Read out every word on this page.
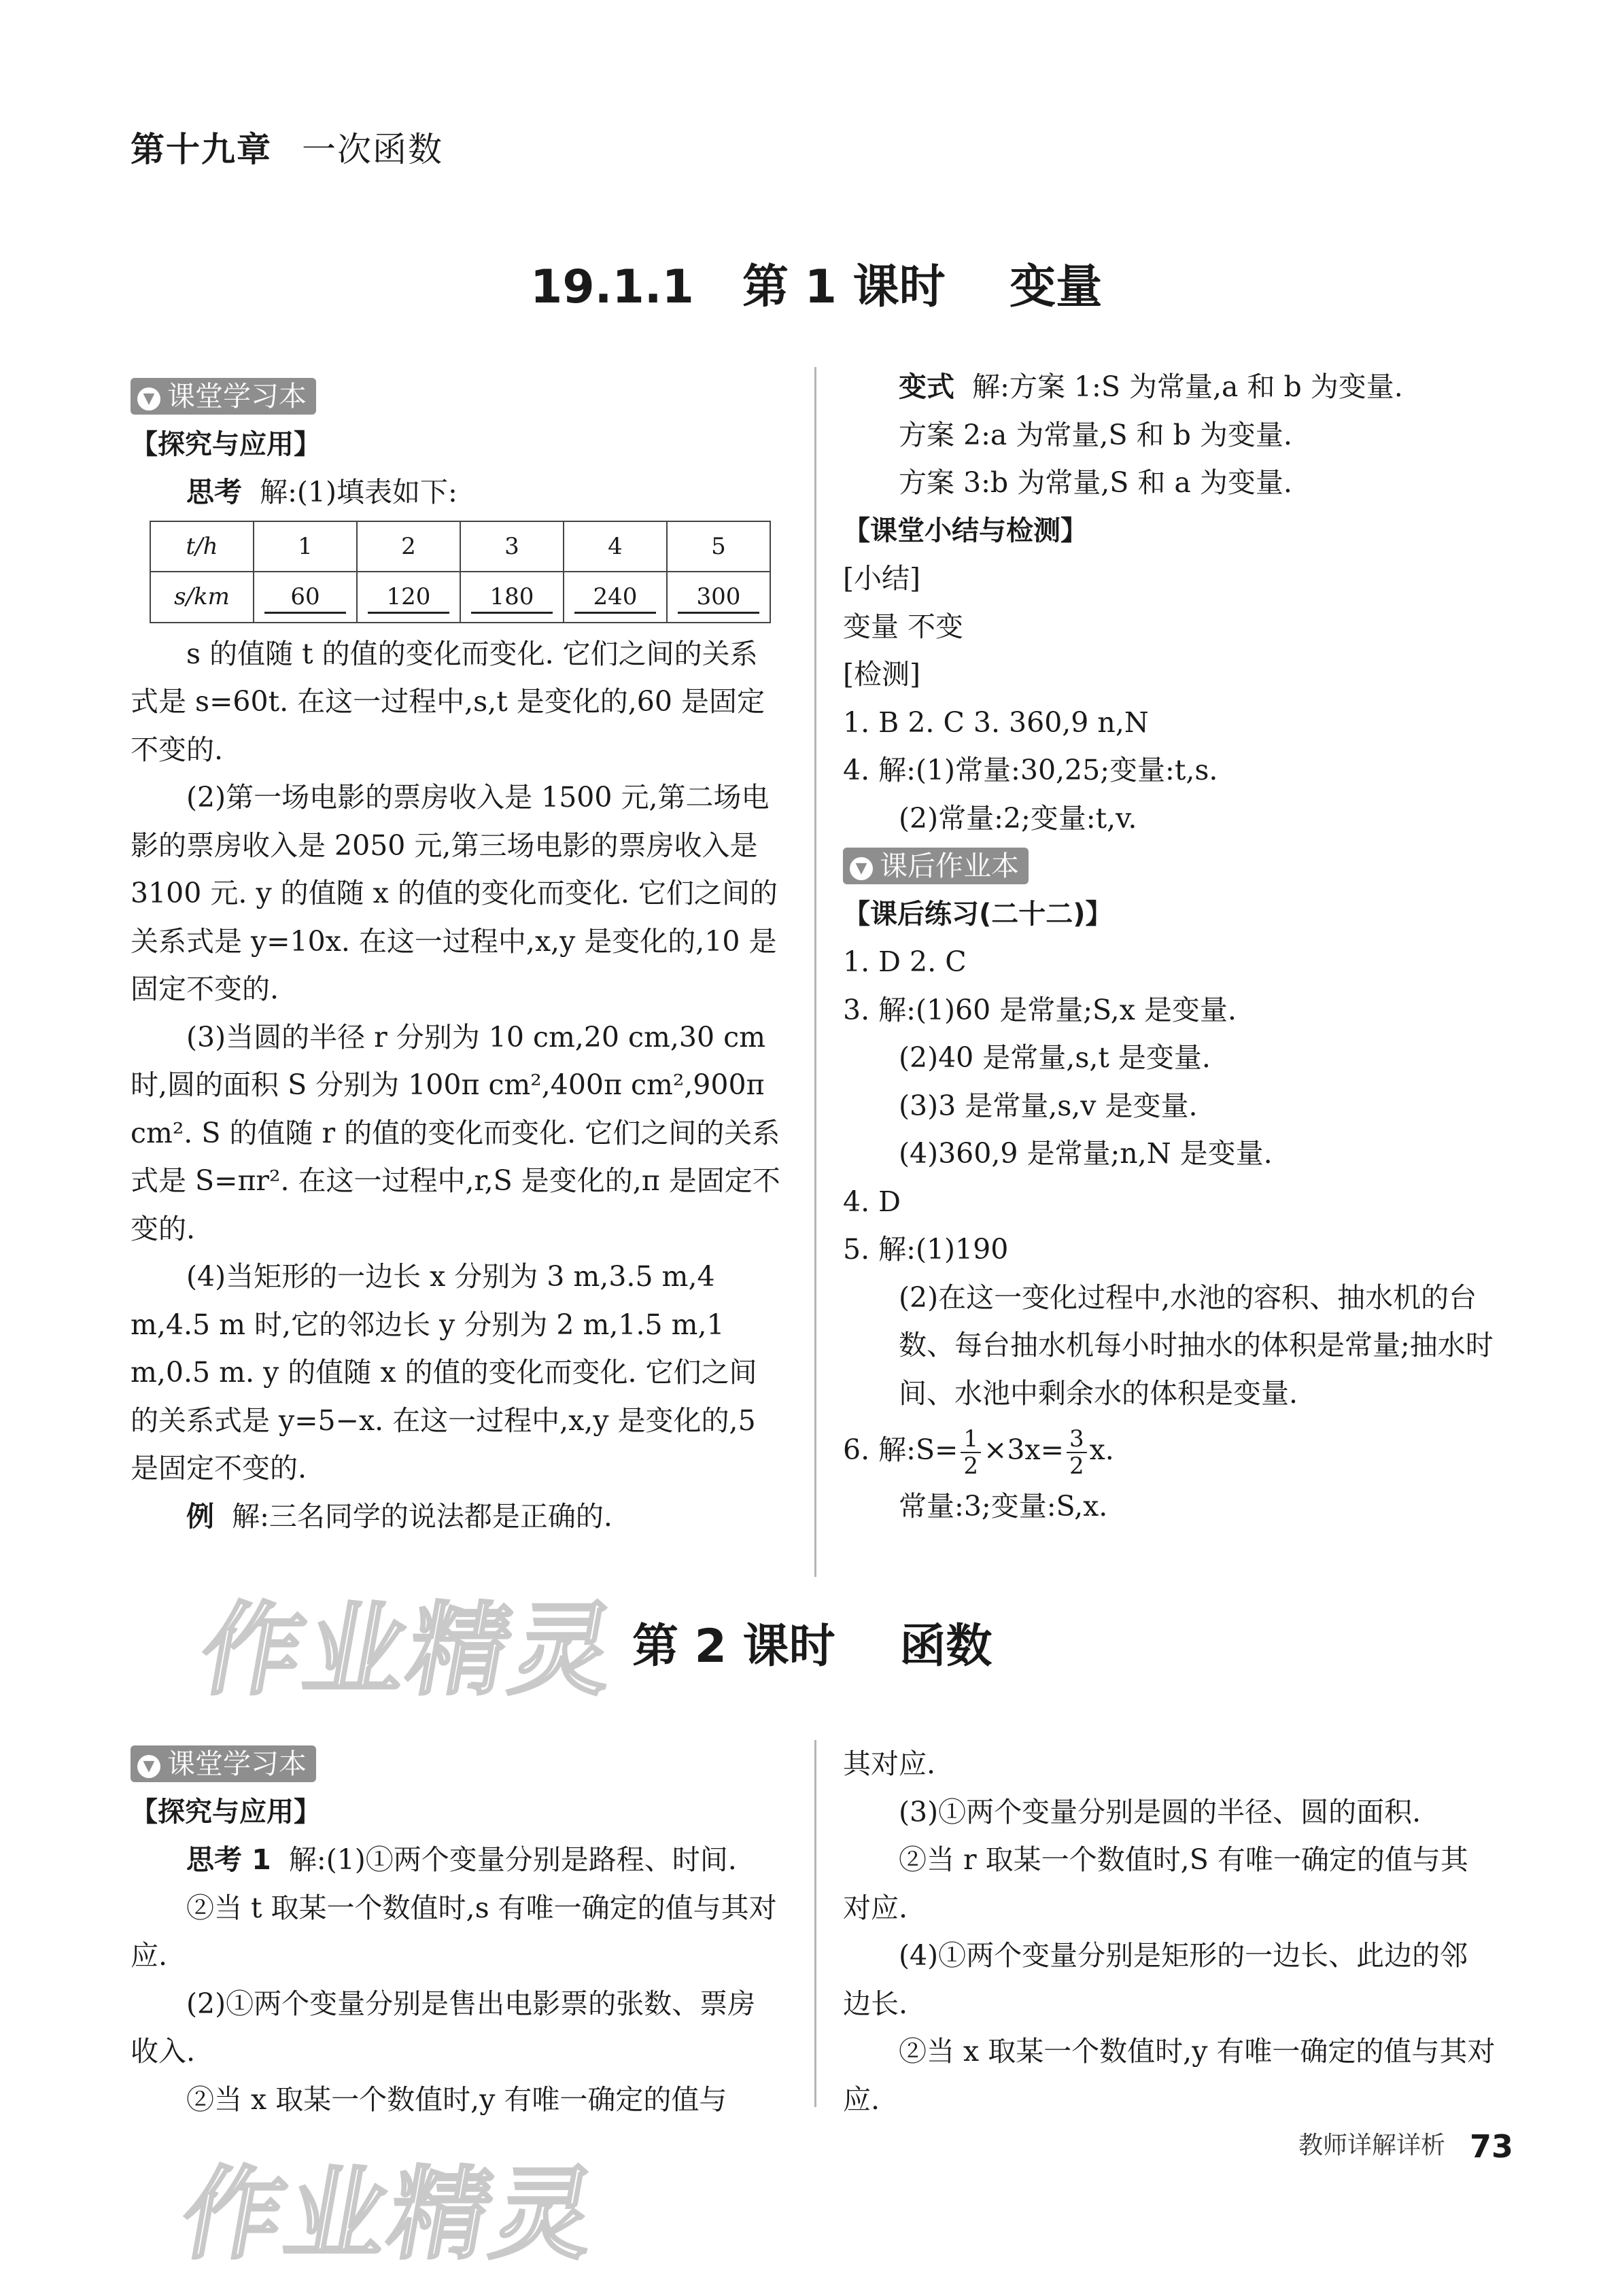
第十九章 一次函数
19.1.1   第 1 课时    变量
▼ 课堂学习本

【探究与应用】

思考 解:(1)填表如下:

t/h	1	2	3	4	5
s/km	60	120	180	240	300

s 的值随 t 的值的变化而变化. 它们之间的关系式是 s=60t. 在这一过程中,s,t 是变化的,60 是固定不变的.

(2)第一场电影的票房收入是 1500 元,第二场电影的票房收入是 2050 元,第三场电影的票房收入是 3100 元. y 的值随 x 的值的变化而变化. 它们之间的关系式是 y=10x. 在这一过程中,x,y 是变化的,10 是固定不变的.

(3)当圆的半径 r 分别为 10 cm,20 cm,30 cm 时,圆的面积 S 分别为 100π cm²,400π cm²,900π cm². S 的值随 r 的值的变化而变化. 它们之间的关系式是 S=πr². 在这一过程中,r,S 是变化的,π 是固定不变的.

(4)当矩形的一边长 x 分别为 3 m,3.5 m,4 m,4.5 m 时,它的邻边长 y 分别为 2 m,1.5 m,1 m,0.5 m. y 的值随 x 的值的变化而变化. 它们之间的关系式是 y=5−x. 在这一过程中,x,y 是变化的,5 是固定不变的.

例 解:三名同学的说法都是正确的.

变式 解:方案 1:S 为常量,a 和 b 为变量.

方案 2:a 为常量,S 和 b 为变量.

方案 3:b 为常量,S 和 a 为变量.

【课堂小结与检测】

[小结]

变量 不变

[检测]

1. B 2. C 3. 360,9 n,N

4. 解:(1)常量:30,25;变量:t,s.

(2)常量:2;变量:t,v.

▼ 课后作业本

【课后练习(二十二)】

1. D 2. C

3. 解:(1)60 是常量;S,x 是变量.

(2)40 是常量,s,t 是变量.

(3)3 是常量,s,v 是变量.

(4)360,9 是常量;n,N 是变量.

4. D

5. 解:(1)190

(2)在这一变化过程中,水池的容积、抽水机的台数、每台抽水机每小时抽水的体积是常量;抽水时间、水池中剩余水的体积是变量.

6. 解:S= $\frac{1}{2} \times 3x= \frac{3}{2} x$.

常量:3;变量:S,x.

作业精灵 第 2 课时    函数
▼ 课堂学习本

【探究与应用】

思考 1 解:(1)①两个变量分别是路程、时间.

②当 t 取某一个数值时,s 有唯一确定的值与其对应.

(2)①两个变量分别是售出电影票的张数、票房收入.

②当 x 取某一个数值时,y 有唯一确定的值与

其对应.

(3)①两个变量分别是圆的半径、圆的面积.

②当 r 取某一个数值时,S 有唯一确定的值与其对应.

(4)①两个变量分别是矩形的一边长、此边的邻边长.

②当 x 取某一个数值时,y 有唯一确定的值与其对应.

作业精灵
教师详解详析 73
